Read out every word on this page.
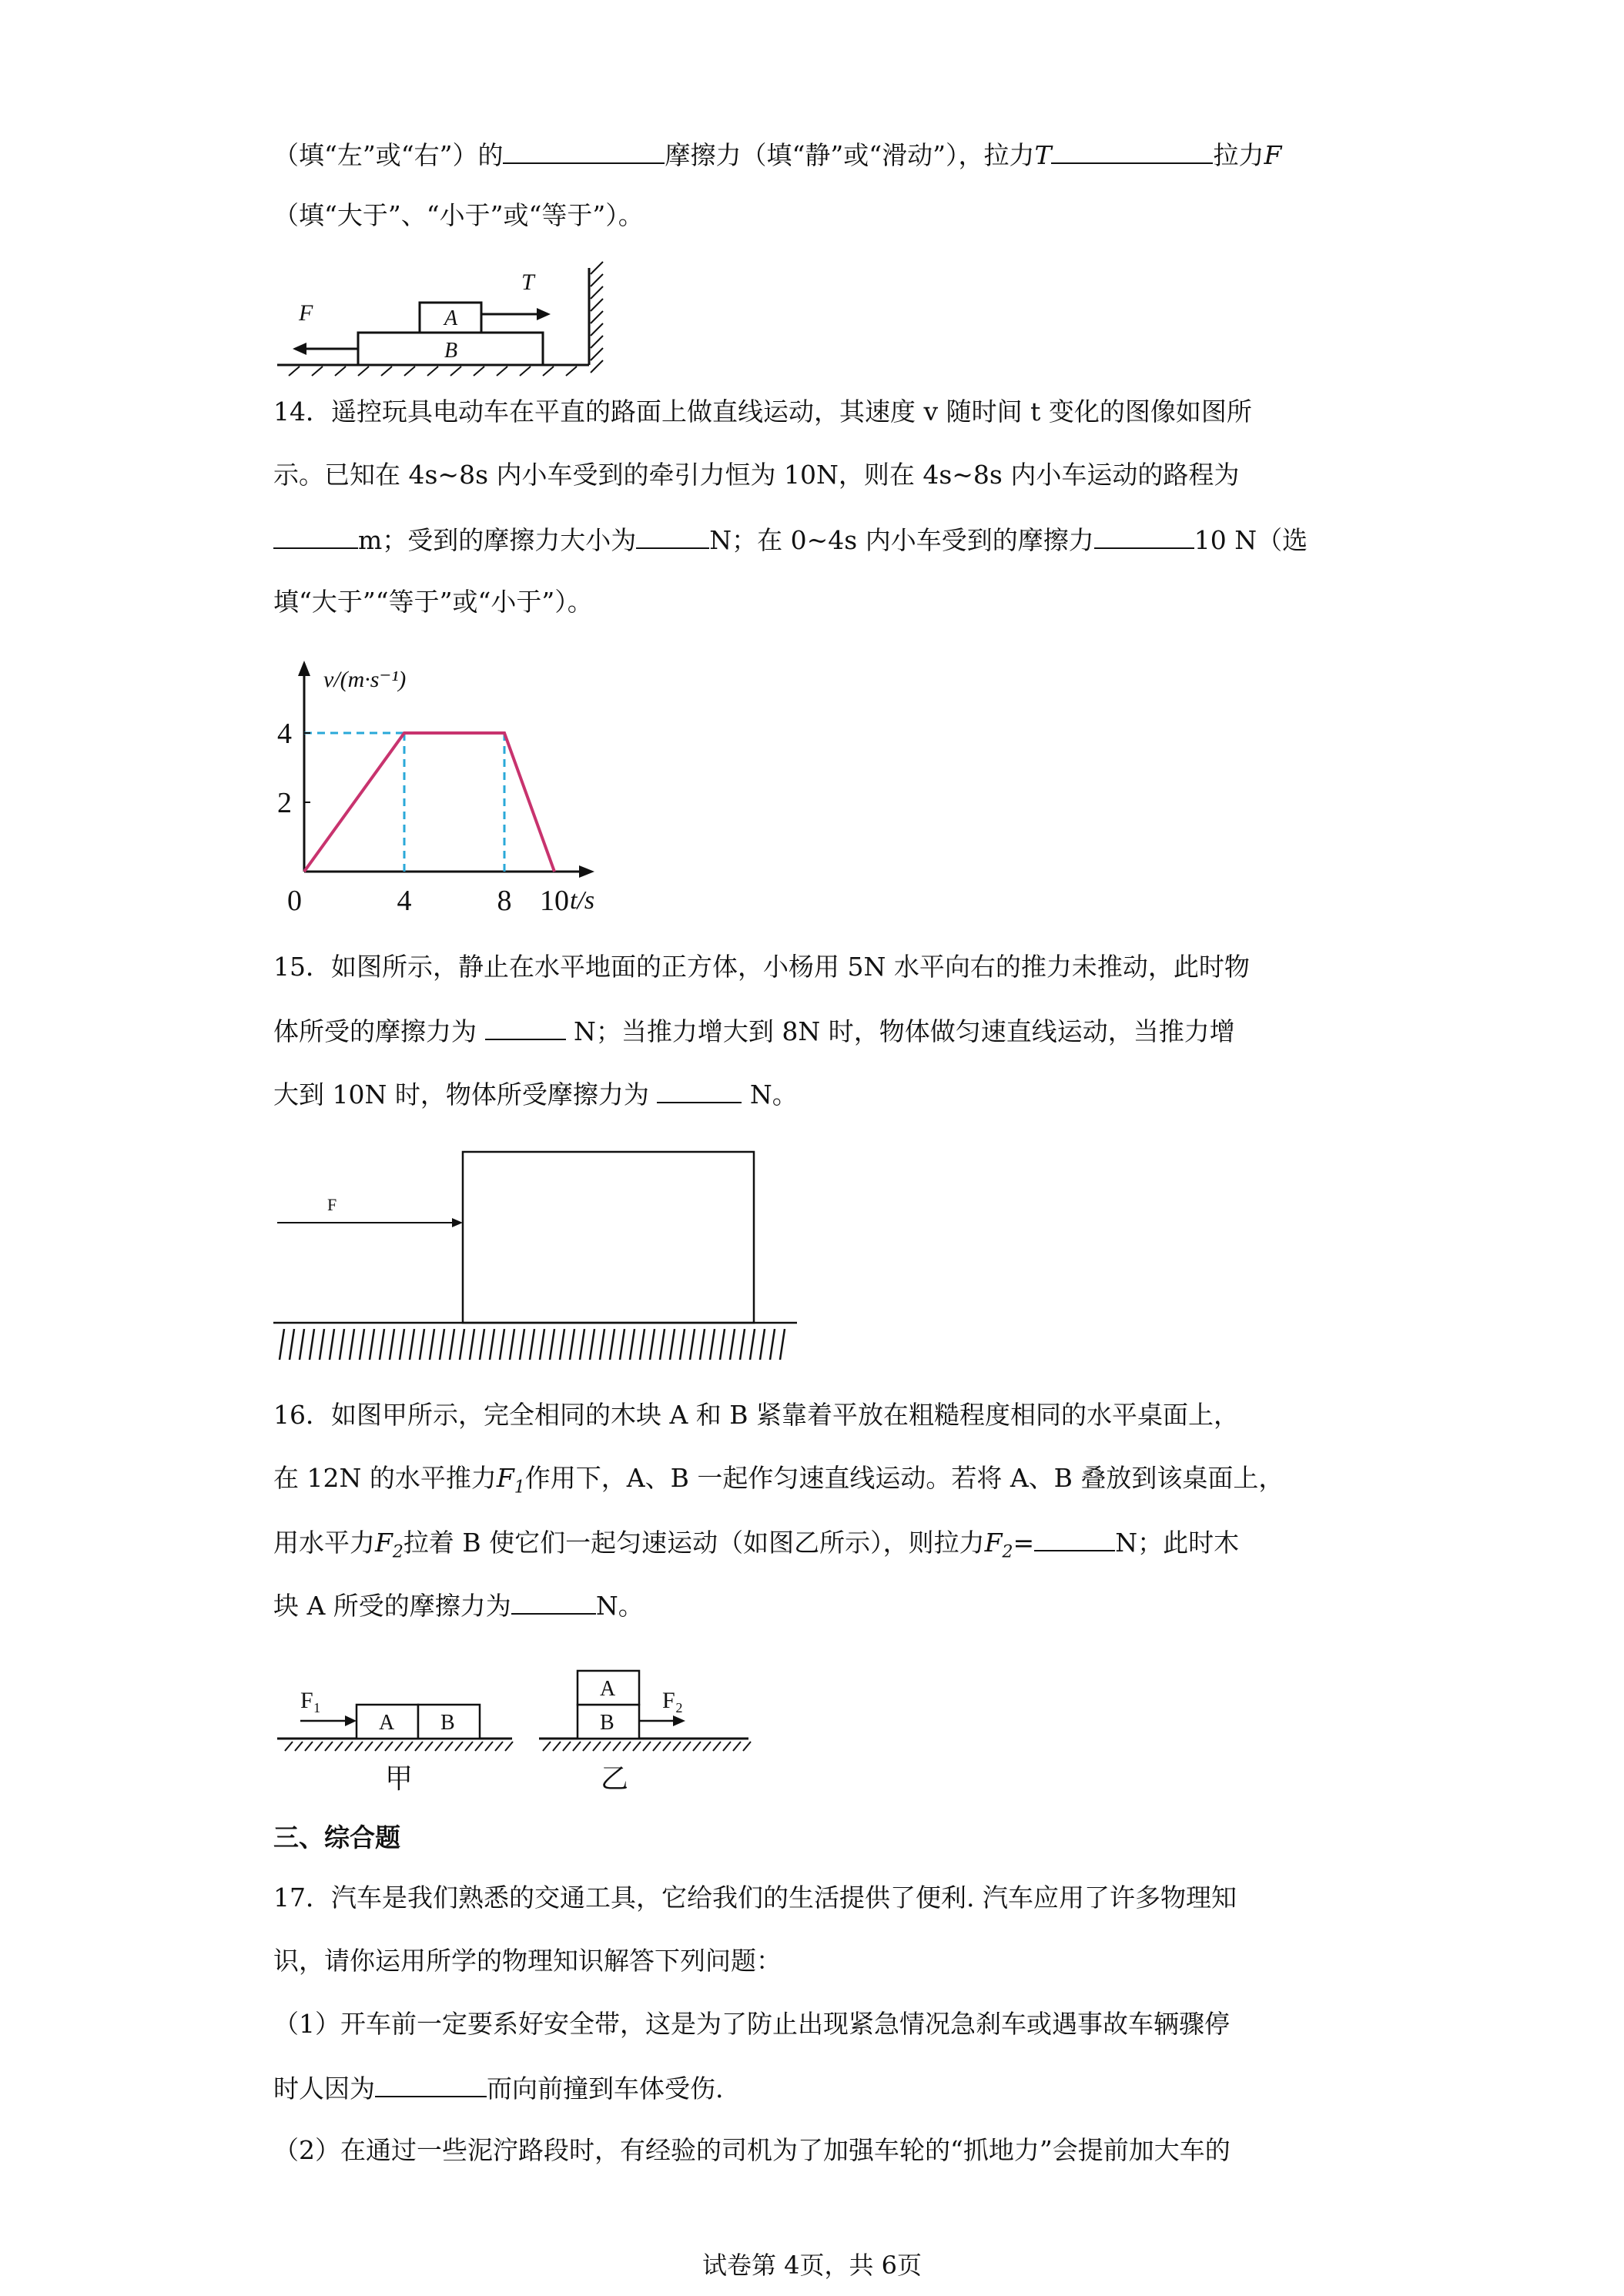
（填“左”或“右”）的	摩擦力（填“静”或“滑动”），拉力T	拉力F
（填“大于”、“小于”或“等于”）。
A
B
T
F
14．遥控玩具电动车在平直的路面上做直线运动，其速度 v 随时间 t 变化的图像如图所
示。已知在 4s~8s 内小车受到的牵引力恒为 10N，则在 4s~8s 内小车运动的路程为
m；受到的摩擦力大小为	N；在 0~4s 内小车受到的摩擦力	10 N（选
填“大于”“等于”或“小于”）。
0	4	8 10
2
4
v/(m·s⁻¹)
t/s
15．如图所示，静止在水平地面的正方体，小杨用 5N 水平向右的推力未推动，此时物
体所受的摩擦力为	N；当推力增大到 8N 时，物体做匀速直线运动，当推力增
大到 10N 时，物体所受摩擦力为	N。
F
16．如图甲所示，完全相同的木块 A 和 B 紧靠着平放在粗糙程度相同的水平桌面上，
在 12N 的水平推力$F_1$作用下，A、B 一起作匀速直线运动。若将 A、B 叠放到该桌面上，
用水平力$F_2$拉着 B 使它们一起匀速运动（如图乙所示），则拉力$F_2=$	N；此时木
块 A 所受的摩擦力为	N。
A B
F₁
甲
A
B
F₂
乙
三、综合题
17．汽车是我们熟悉的交通工具，它给我们的生活提供了便利. 汽车应用了许多物理知
识，请你运用所学的物理知识解答下列问题：
（1）开车前一定要系好安全带，这是为了防止出现紧急情况急刹车或遇事故车辆骤停
时人因为	而向前撞到车体受伤.
（2）在通过一些泥泞路段时，有经验的司机为了加强车轮的“抓地力”会提前加大车的
试卷第 4页，共 6页
